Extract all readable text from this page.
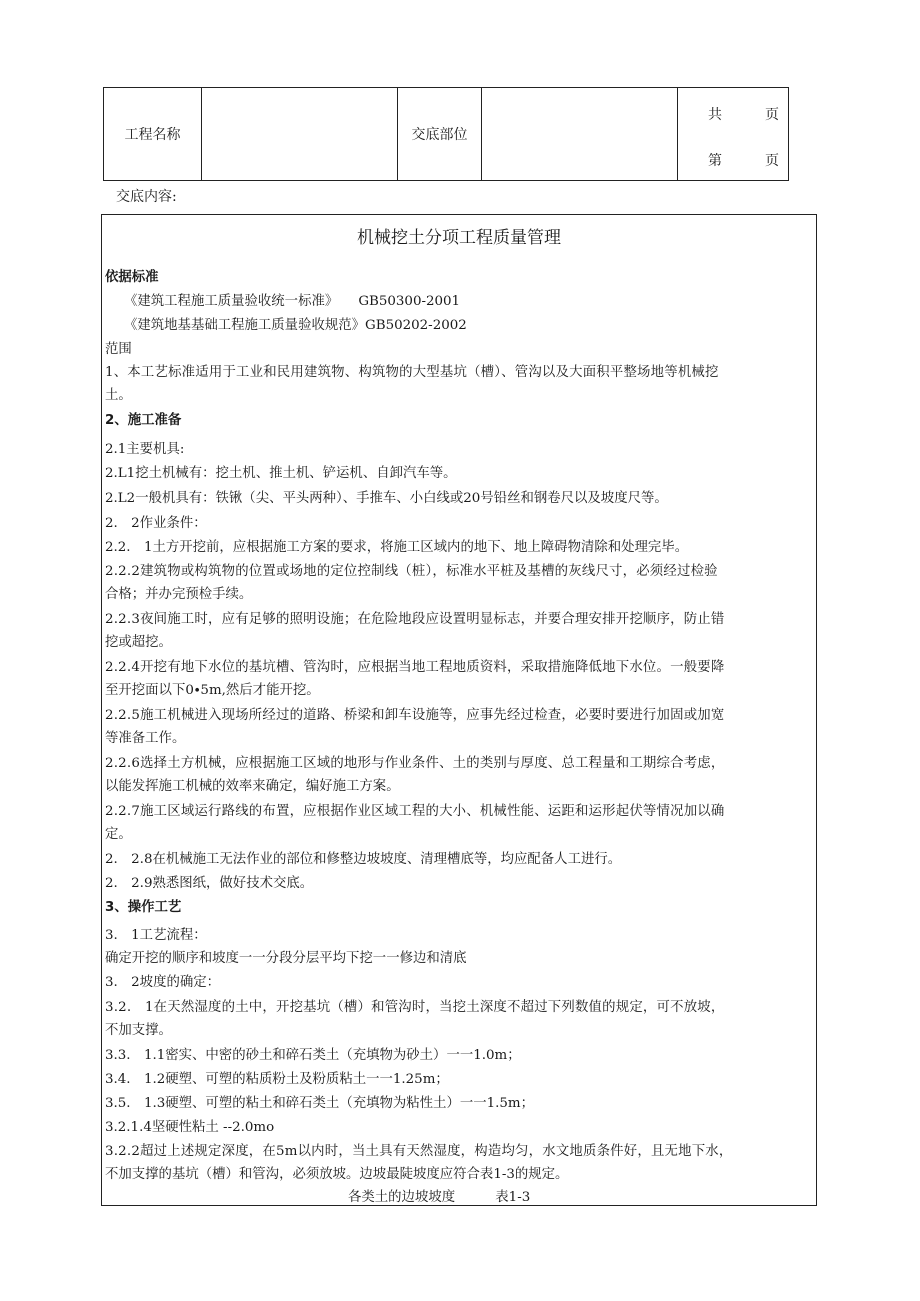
工程名称		交底部位		
共	页
第	页
交底内容:
机械挖土分项工程质量管理
依据标准
《建筑工程施工质量验收统一标准》　　GB50300-2001
《建筑地基基础工程施工质量验收规范》GB50202-2002
范围
1、本工艺标准适用于工业和民用建筑物、构筑物的大型基坑（槽）、管沟以及大面积平整场地等机械挖
土。
2、施工准备
2.1主要机具:
2.L1挖土机械有：挖土机、推土机、铲运机、自卸汽车等。
2.L2一般机具有：铁锹（尖、平头两种）、手推车、小白线或20号铅丝和钢卷尺以及坡度尺等。
2.　2作业条件：
2.2.　1土方开挖前，应根据施工方案的要求，将施工区域内的地下、地上障碍物清除和处理完毕。
2.2.2建筑物或构筑物的位置或场地的定位控制线（桩），标准水平桩及基槽的灰线尺寸，必须经过检验
合格；并办完预检手续。
2.2.3夜间施工时，应有足够的照明设施；在危险地段应设置明显标志，并要合理安排开挖顺序，防止错
挖或超挖。
2.2.4开挖有地下水位的基坑槽、管沟时，应根据当地工程地质资料，采取措施降低地下水位。一般要降
至开挖面以下0∙5m,然后才能开挖。
2.2.5施工机械进入现场所经过的道路、桥梁和卸车设施等，应事先经过检查，必要时要进行加固或加宽
等准备工作。
2.2.6选择土方机械，应根据施工区域的地形与作业条件、土的类别与厚度、总工程量和工期综合考虑，
以能发挥施工机械的效率来确定，编好施工方案。
2.2.7施工区域运行路线的布置，应根据作业区域工程的大小、机械性能、运距和运形起伏等情况加以确
定。
2.　2.8在机械施工无法作业的部位和修整边坡坡度、清理槽底等，均应配备人工进行。
2.　2.9熟悉图纸，做好技术交底。
3、操作工艺
3.　1工艺流程：
确定开挖的顺序和坡度一一分段分层平均下挖一一修边和清底
3.　2坡度的确定：
3.2.　1在天然湿度的土中，开挖基坑（槽）和管沟时，当挖土深度不超过下列数值的规定，可不放坡，
不加支撑。
3.3.　1.1密实、中密的砂土和碎石类土（充填物为砂土）一一1.0m；
3.4.　1.2硬塑、可塑的粘质粉土及粉质粘土一一1.25m；
3.5.　1.3硬塑、可塑的粘土和碎石类土（充填物为粘性土）一一1.5m；
3.2.1.4坚硬性粘土 --2.0mo
3.2.2超过上述规定深度，在5m以内时，当土具有天然湿度，构造均匀，水文地质条件好，且无地下水，
不加支撑的基坑（槽）和管沟，必须放坡。边坡最陡坡度应符合表1-3的规定。
各类土的边坡坡度　　　表1-3
